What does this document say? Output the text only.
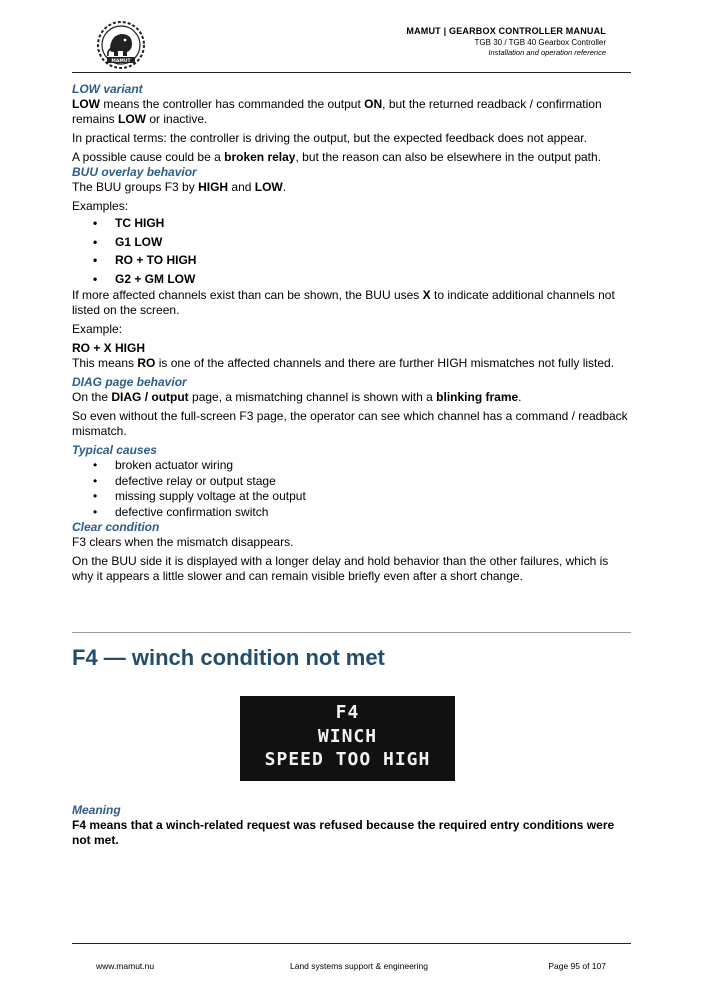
MAMUT
MAMUT | GEARBOX CONTROLLER MANUAL
TGB 30 / TGB 40 Gearbox Controller
Installation and operation reference
LOW variant

LOW means the controller has commanded the output ON, but the returned readback / confirmation remains LOW or inactive.

In practical terms: the controller is driving the output, but the expected feedback does not appear.

A possible cause could be a broken relay, but the reason can also be elsewhere in the output path.

BUU overlay behavior

The BUU groups F3 by HIGH and LOW.

Examples:

• TC HIGH
• G1 LOW
• RO + TO HIGH
• G2 + GM LOW

If more affected channels exist than can be shown, the BUU uses X to indicate additional channels not listed on the screen.

Example:

RO + X HIGH

This means RO is one of the affected channels and there are further HIGH mismatches not fully listed.

DIAG page behavior

On the DIAG / output page, a mismatching channel is shown with a blinking frame.

So even without the full-screen F3 page, the operator can see which channel has a command / readback mismatch.

Typical causes
• broken actuator wiring
• defective relay or output stage
• missing supply voltage at the output
• defective confirmation switch
Clear condition

F3 clears when the mismatch disappears.

On the BUU side it is displayed with a longer delay and hold behavior than the other failures, which is why it appears a little slower and can remain visible briefly even after a short change.

F4 — winch condition not met
F4
WINCH
SPEED TOO HIGH
Meaning

F4 means that a winch-related request was refused because the required entry conditions were not met.

www.mamut.nu	Land systems support & engineering	Page 95 of 107
